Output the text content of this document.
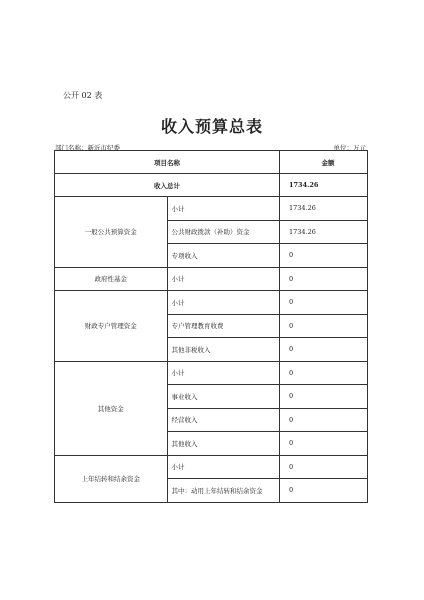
公开 02 表
收入预算总表
部门名称：新沂市纪委	单位：万元
项目名称		金额
收入总计		1734.26
一般公共预算资金	小计	1734.26
	公共财政拨款（补助）资金	1734.26
	专项收入	0
政府性基金	小计	0
财政专户管理资金	小计	0
	专户管理教育收费	0
	其他非税收入	0
其他资金	小计	0
	事业收入	0
	经营收入	0
	其他收入	0
上年结转和结余资金	小计	0
	其中：动用上年结转和结余资金	0
